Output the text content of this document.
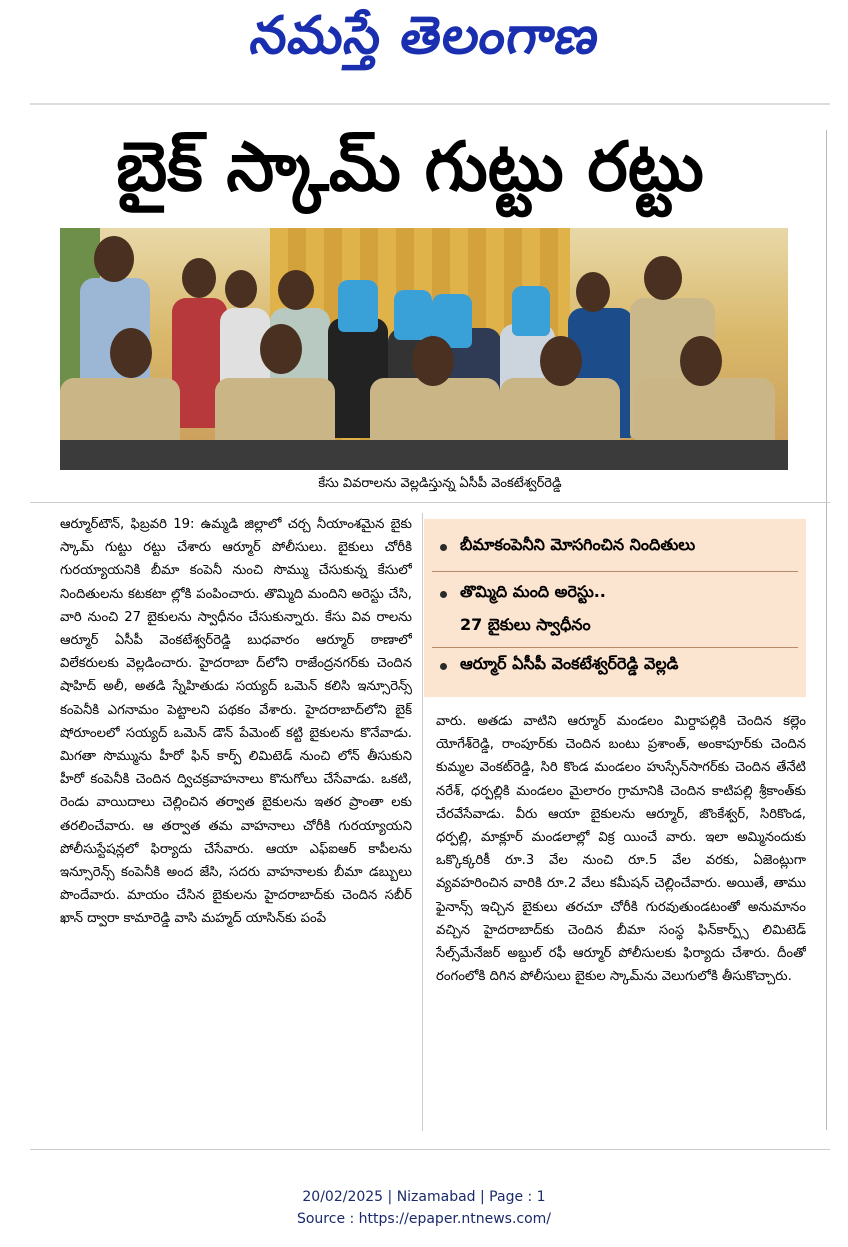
నమస్తే తెలంగాణ
బైక్ స్కామ్ గుట్టు రట్టు
కేసు వివరాలను వెల్లడిస్తున్న ఏసీపీ వెంకటేశ్వర్‌రెడ్డి

ఆర్మూర్‌టౌన్, ఫిబ్రవరి 19: ఉమ్మడి జిల్లాలో చర్చ నీయాంశమైన బైకు స్కామ్ గుట్టు రట్టు చేశారు ఆర్మూర్ పోలీసులు. బైకులు చోరీకి గురయ్యాయనికి బీమా కంపెనీ నుంచి సొమ్ము చేసుకున్న కేసులో నిందితులను కటకటా ల్లోకి పంపించారు. తొమ్మిది మందిని అరెస్టు చేసి, వారి నుంచి 27 బైకులను స్వాధీనం చేసుకున్నారు. కేసు వివ రాలను ఆర్మూర్ ఏసీపీ వెంకటేశ్వర్‌రెడ్డి బుధవారం ఆర్మూర్ ఠాణాలో విలేకరులకు వెల్లడించారు. హైదరాబా ద్‌లోని రాజేంద్రనగర్‌కు చెందిన షాహిద్ అలీ, అతడి స్నేహితుడు సయ్యద్ ఒమెన్ కలిసి ఇన్సూరెన్స్ కంపెనీకి ఎగనామం పెట్టాలని పథకం వేశారు. హైదరాబాద్‌లోని బైక్ షోరూంలలో సయ్యద్ ఒమెన్ డౌన్ పేమెంట్ కట్టి బైకులను కొనేవాడు. మిగతా సొమ్మును హీరో ఫిన్ కార్ప్ లిమిటెడ్ నుంచి లోన్ తీసుకుని హీరో కంపెనీకి చెందిన ద్విచక్రవాహనాలు కొనుగోలు చేసేవాడు. ఒకటి, రెండు వాయిదాలు చెల్లించిన తర్వాత బైకులను ఇతర ప్రాంతా లకు తరలించేవారు. ఆ తర్వాత తమ వాహనాలు చోరీకి గురయ్యాయని పోలీసుస్టేషన్లలో ఫిర్యాదు చేసేవారు. ఆయా ఎఫ్‌ఐఆర్ కాపీలను ఇన్సూరెన్స్ కంపెనీకి అంద జేసి, సదరు వాహనాలకు బీమా డబ్బులు పొందేవారు. మాయం చేసిన బైకులను హైదరాబాద్‌కు చెందిన సబీర్ ఖాన్ ద్వారా కామారెడ్డి వాసి మహ్మద్ యాసిన్‌కు పంపే

బీమాకంపెనీని మోసగించిన నిందితులు
తొమ్మిది మంది అరెస్టు..
27 బైకులు స్వాధీనం
ఆర్మూర్ ఏసీపీ వెంకటేశ్వర్‌రెడ్డి వెల్లడి

వారు. అతడు వాటిని ఆర్మూర్ మండలం మిర్దాపల్లికి చెందిన కల్లెం యోగేశ్‌రెడ్డి, రాంపూర్‌కు చెందిన బంటు ప్రశాంత్, అంకాపూర్‌కు చెందిన కుమ్మల వెంకట్‌రెడ్డి, సిరి కొండ మండలం హుస్సేన్‌సాగర్‌కు చెందిన తేనేటి నరేశ్, ధర్పల్లికి మండలం మైలారం గ్రామానికి చెందిన కాటిపల్లి శ్రీకాంత్‌కు చేరవేసేవాడు. వీరు ఆయా బైకులను ఆర్మూర్, జొంకేశ్వర్, సిరికొండ, ధర్పల్లి, మాక్లూర్ మండలాల్లో విక్ర యించే వారు. ఇలా అమ్మినందుకు ఒక్కొక్కరికీ రూ.3 వేల నుంచి రూ.5 వేల వరకు, ఏజెంట్లుగా వ్యవహరించిన వారికి రూ.2 వేలు కమీషన్ చెల్లించేవారు. అయితే, తాము ఫైనాన్స్ ఇచ్చిన బైకులు తరచూ చోరీకి గురవుతుండటంతో అనుమానం వచ్చిన హైదరాబాద్‌కు చెందిన బీమా సంస్థ ఫిన్‌కార్ప్స్ లిమిటెడ్ సేల్స్‌మేనేజర్ అబ్దుల్ రఫీ ఆర్మూర్ పోలీసులకు ఫిర్యాదు చేశారు. దీంతో రంగంలోకి దిగిన పోలీసులు బైకుల స్కామ్‌ను వెలుగులోకి తీసుకొచ్చారు.

20/02/2025 | Nizamabad | Page : 1
Source : https://epaper.ntnews.com/
